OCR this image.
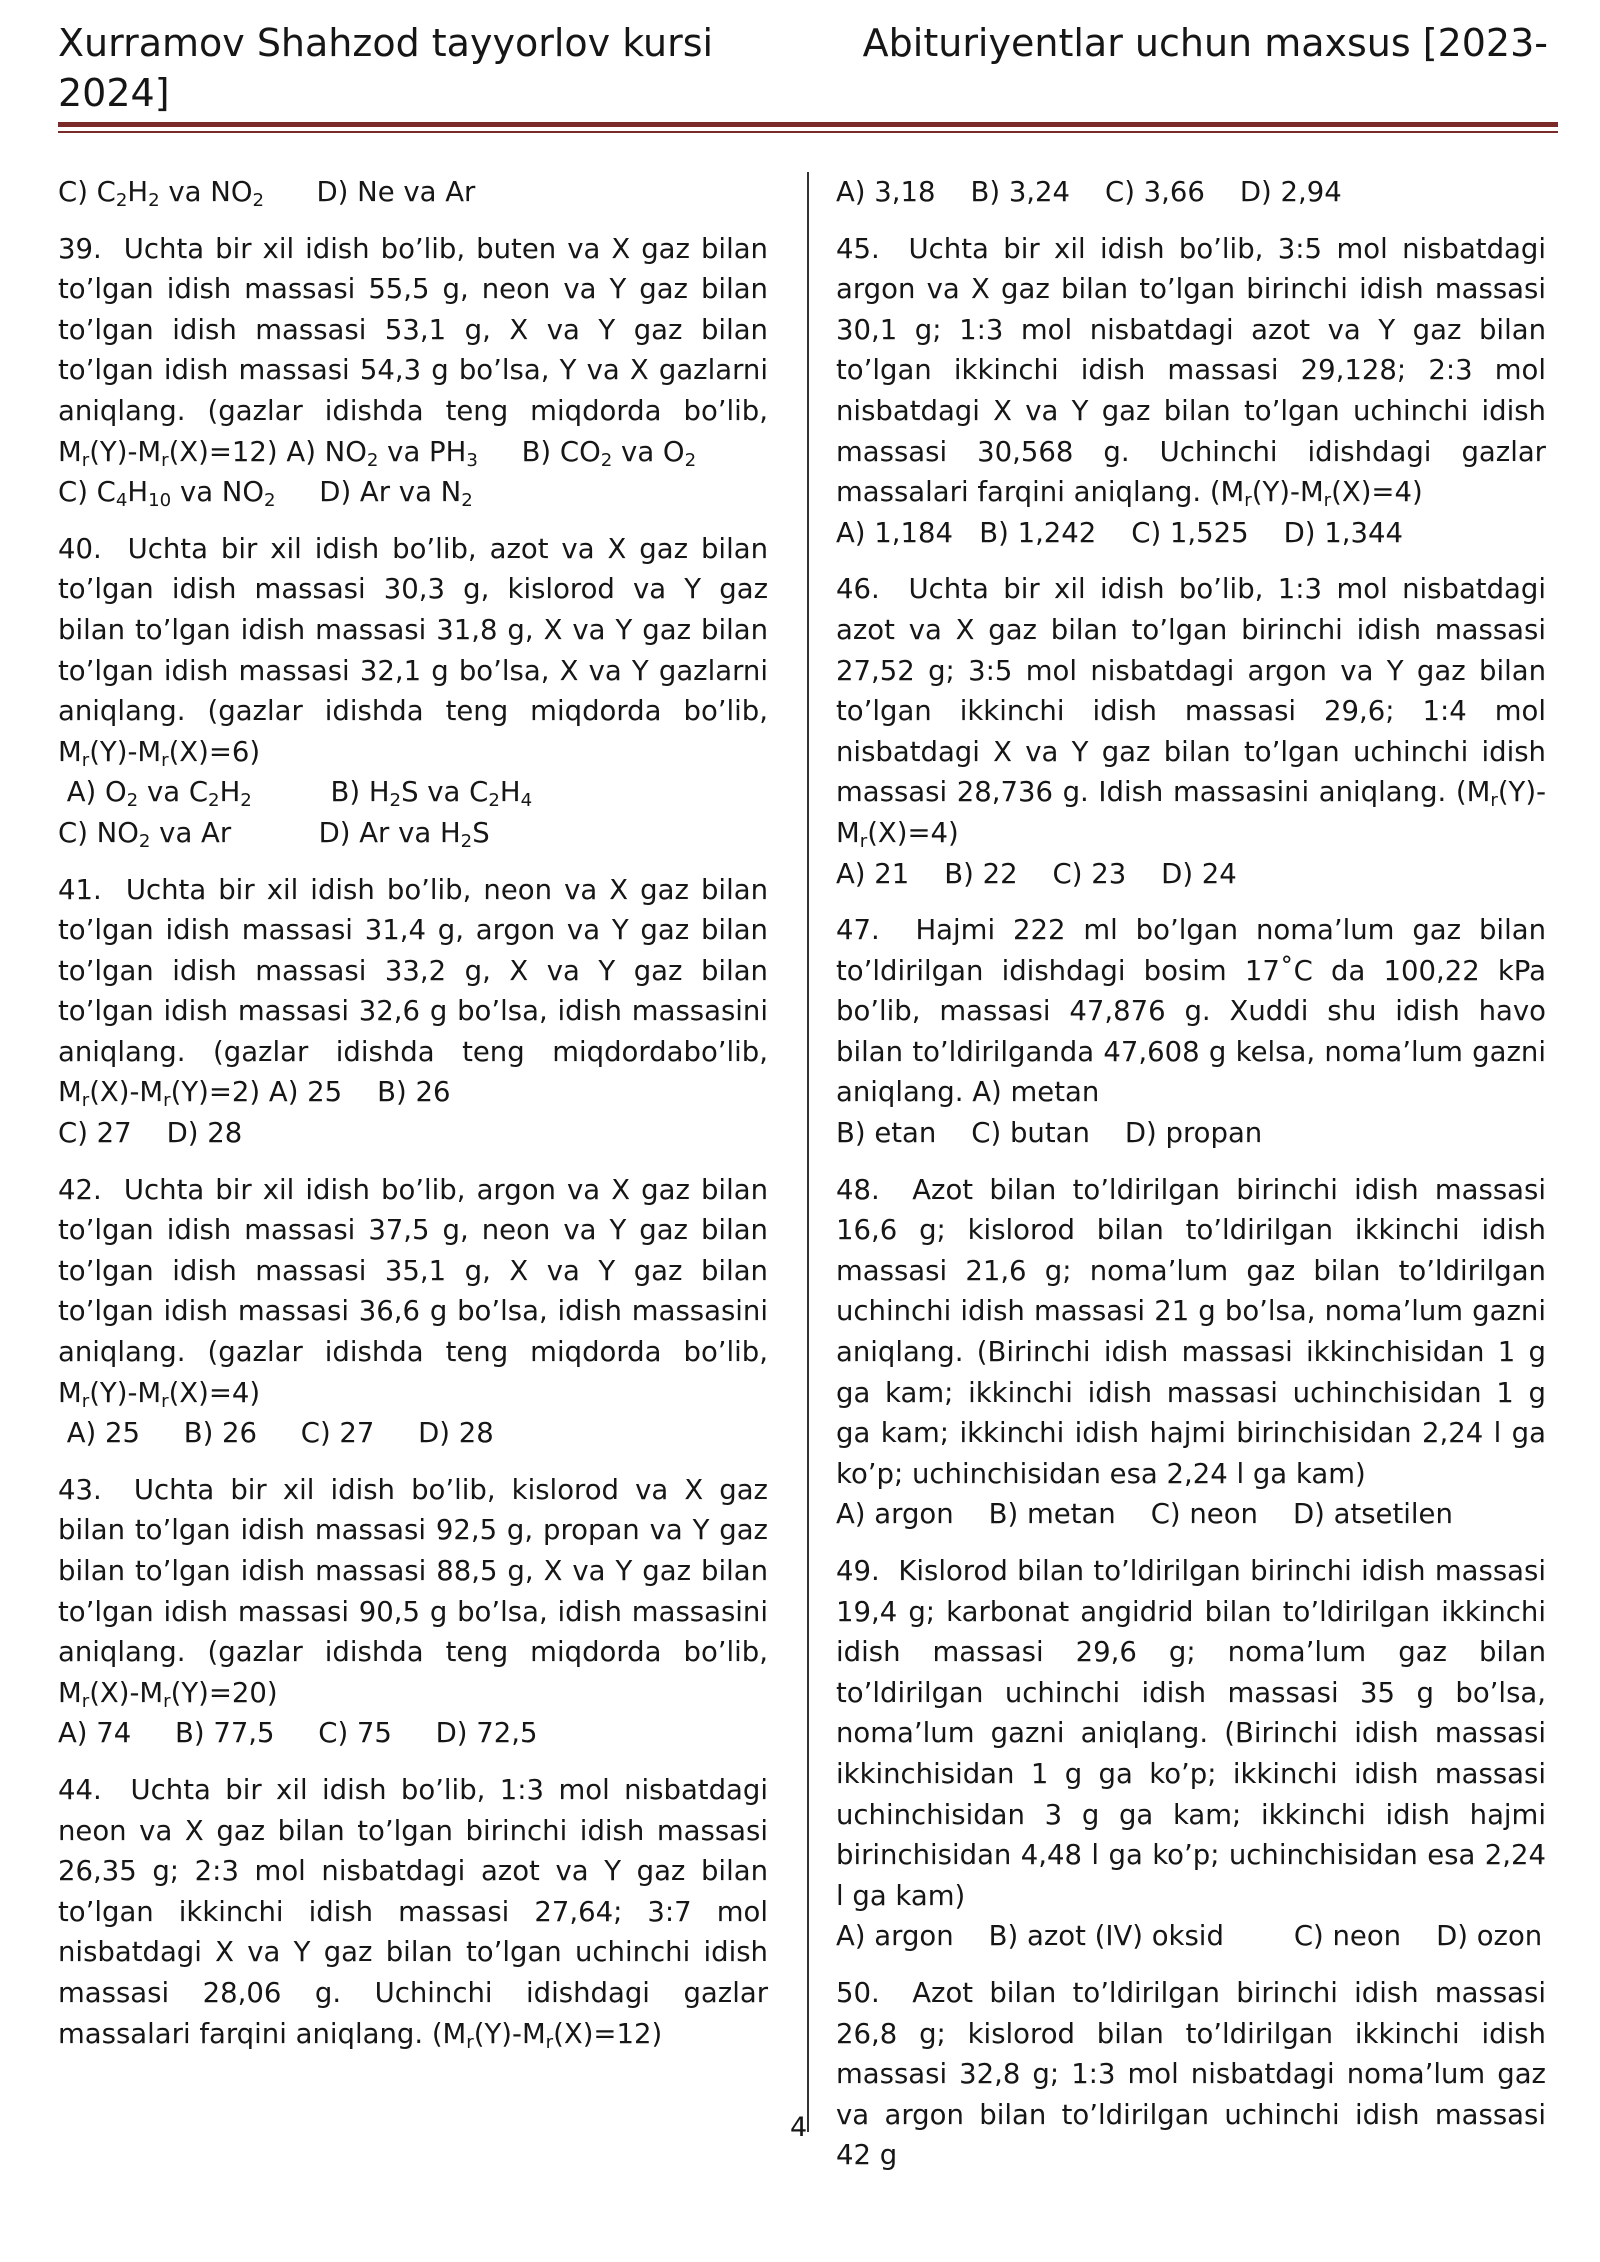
Xurramov Shahzod tayyorlov kursi 2024]
Abituriyentlar uchun maxsus [2023-

C) $C_2H_2$ va $NO_2$      D) Ne va Ar

39.  Uchta bir xil idish bo’lib, buten va X gaz bilan to’lgan idish massasi 55,5 g, neon va Y gaz bilan to’lgan idish massasi 53,1 g, X va Y gaz bilan to’lgan idish massasi 54,3 g bo’lsa, Y va X gazlarni aniqlang. (gazlar idishda teng miqdorda bo’lib, $M_r(Y)-M_r(X)=12$) A) $NO_2$ va $PH_3$     B) $CO_2$ va $O_2$
C) $C_4H_{10}$ va $NO_2$     D) Ar va $N_2$

40.  Uchta bir xil idish bo’lib, azot va X gaz bilan to’lgan idish massasi 30,3 g, kislorod va Y gaz bilan to’lgan idish massasi 31,8 g, X va Y gaz bilan to’lgan idish massasi 32,1 g bo’lsa, X va Y gazlarni aniqlang. (gazlar idishda teng miqdorda bo’lib, $M_r(Y)-M_r(X)=6$)
A) $O_2$ va $C_2H_2$         B) $H_2S$ va $C_2H_4$
C) $NO_2$ va Ar          D) Ar va $H_2S$

41.  Uchta bir xil idish bo’lib, neon va X gaz bilan to’lgan idish massasi 31,4 g, argon va Y gaz bilan to’lgan idish massasi 33,2 g, X va Y gaz bilan to’lgan idish massasi 32,6 g bo’lsa, idish massasini aniqlang. (gazlar idishda teng miqdordabo’lib, $M_r(X)-M_r(Y)=2$) A) 25    B) 26
C) 27    D) 28

42.  Uchta bir xil idish bo’lib, argon va X gaz bilan to’lgan idish massasi 37,5 g, neon va Y gaz bilan to’lgan idish massasi 35,1 g, X va Y gaz bilan to’lgan idish massasi 36,6 g bo’lsa, idish massasini aniqlang. (gazlar idishda teng miqdorda bo’lib, $M_r(Y)-M_r(X)=4$)
A) 25     B) 26     C) 27     D) 28

43.  Uchta bir xil idish bo’lib, kislorod va X gaz bilan to’lgan idish massasi 92,5 g, propan va Y gaz bilan to’lgan idish massasi 88,5 g, X va Y gaz bilan to’lgan idish massasi 90,5 g bo’lsa, idish massasini aniqlang. (gazlar idishda teng miqdorda bo’lib, $M_r(X)-M_r(Y)=20$)
A) 74     B) 77,5     C) 75     D) 72,5

44.  Uchta bir xil idish bo’lib, 1:3 mol nisbatdagi neon va X gaz bilan to’lgan birinchi idish massasi 26,35 g; 2:3 mol nisbatdagi azot va Y gaz bilan to’lgan ikkinchi idish massasi 27,64; 3:7 mol nisbatdagi X va Y gaz bilan to’lgan uchinchi idish massasi 28,06 g. Uchinchi idishdagi gazlar massalari farqini aniqlang. $(M_r(Y)-M_r(X)=12)$

A) 3,18    B) 3,24    C) 3,66    D) 2,94

45.  Uchta bir xil idish bo’lib, 3:5 mol nisbatdagi argon va X gaz bilan to’lgan birinchi idish massasi 30,1 g; 1:3 mol nisbatdagi azot va Y gaz bilan to’lgan ikkinchi idish massasi 29,128; 2:3 mol nisbatdagi X va Y gaz bilan to’lgan uchinchi idish massasi 30,568 g. Uchinchi idishdagi gazlar massalari farqini aniqlang. $(M_r(Y)-M_r(X)=4)$
A) 1,184   B) 1,242    C) 1,525    D) 1,344

46.  Uchta bir xil idish bo’lib, 1:3 mol nisbatdagi azot va X gaz bilan to’lgan birinchi idish massasi 27,52 g; 3:5 mol nisbatdagi argon va Y gaz bilan to’lgan ikkinchi idish massasi 29,6; 1:4 mol nisbatdagi X va Y gaz bilan to’lgan uchinchi idish massasi 28,736 g. Idish massasini aniqlang. $(M_r(Y)-M_r(X)=4)$
A) 21    B) 22    C) 23    D) 24

47.  Hajmi 222 ml bo’lgan noma’lum gaz bilan to’ldirilgan idishdagi bosim 17˚C da 100,22 kPa bo’lib, massasi 47,876 g. Xuddi shu idish havo bilan to’ldirilganda 47,608 g kelsa, noma’lum gazni aniqlang. A) metan
B) etan    C) butan    D) propan

48.  Azot bilan to’ldirilgan birinchi idish massasi 16,6 g; kislorod bilan to’ldirilgan ikkinchi idish massasi 21,6 g; noma’lum gaz bilan to’ldirilgan uchinchi idish massasi 21 g bo’lsa, noma’lum gazni aniqlang. (Birinchi idish massasi ikkinchisidan 1 g ga kam; ikkinchi idish massasi uchinchisidan 1 g ga kam; ikkinchi idish hajmi birinchisidan 2,24 l ga ko’p; uchinchisidan esa 2,24 l ga kam)
A) argon    B) metan    C) neon    D) atsetilen

49.  Kislorod bilan to’ldirilgan birinchi idish massasi 19,4 g; karbonat angidrid bilan to’ldirilgan ikkinchi idish massasi 29,6 g; noma’lum gaz bilan to’ldirilgan uchinchi idish massasi 35 g bo’lsa, noma’lum gazni aniqlang. (Birinchi idish massasi ikkinchisidan 1 g ga ko’p; ikkinchi idish massasi uchinchisidan 3 g ga kam; ikkinchi idish hajmi birinchisidan 4,48 l ga ko’p; uchinchisidan esa 2,24 l ga kam)
A) argon    B) azot (IV) oksid        C) neon    D) ozon

50.  Azot bilan to’ldirilgan birinchi idish massasi 26,8 g; kislorod bilan to’ldirilgan ikkinchi idish massasi 32,8 g; 1:3 mol nisbatdagi noma’lum gaz va argon bilan to’ldirilgan uchinchi idish massasi 42 g

4
